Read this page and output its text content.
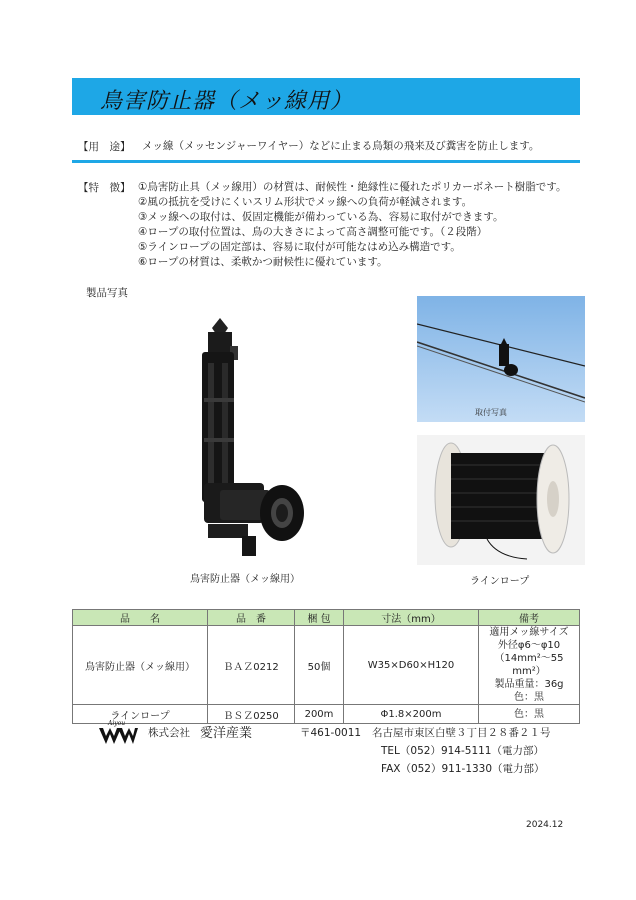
鳥害防止器（メッ線用）
【用　途】 メッ線（メッセンジャーワイヤー）などに止まる鳥類の飛来及び糞害を防止します。
【特　徴】 ①鳥害防止具（メッ線用）の材質は、耐候性・絶縁性に優れたポリカーボネート樹脂です。
②風の抵抗を受けにくいスリム形状でメッ線への負荷が軽減されます。
③メッ線への取付は、仮固定機能が備わっている為、容易に取付ができます。
④ロープの取付位置は、鳥の大きさによって高さ調整可能です。（２段階）
⑤ラインロープの固定部は、容易に取付が可能なはめ込み構造です。
⑥ロープの材質は、柔軟かつ耐候性に優れています。
製品写真
鳥害防止器（メッ線用）
取付写真
ラインロープ
品　　名	品　番	梱 包	寸法（mm）	備考
鳥害防止器（メッ線用）	ＢＡＺ0212	50個	W35×D60×H120	適用メッ線サイズ
外径φ6～φ10
（14mm²～55 mm²）
製品重量：36g　色：黒

ラインロープ	ＢＳＺ0250	200m	Φ1.8×200m	色：黒
Aiyou
株式会社 愛洋産業	〒461-0011 名古屋市東区白壁３丁目２８番２１号
TEL（052）914-5111（電力部）
FAX（052）911-1330（電力部）
2024.12
